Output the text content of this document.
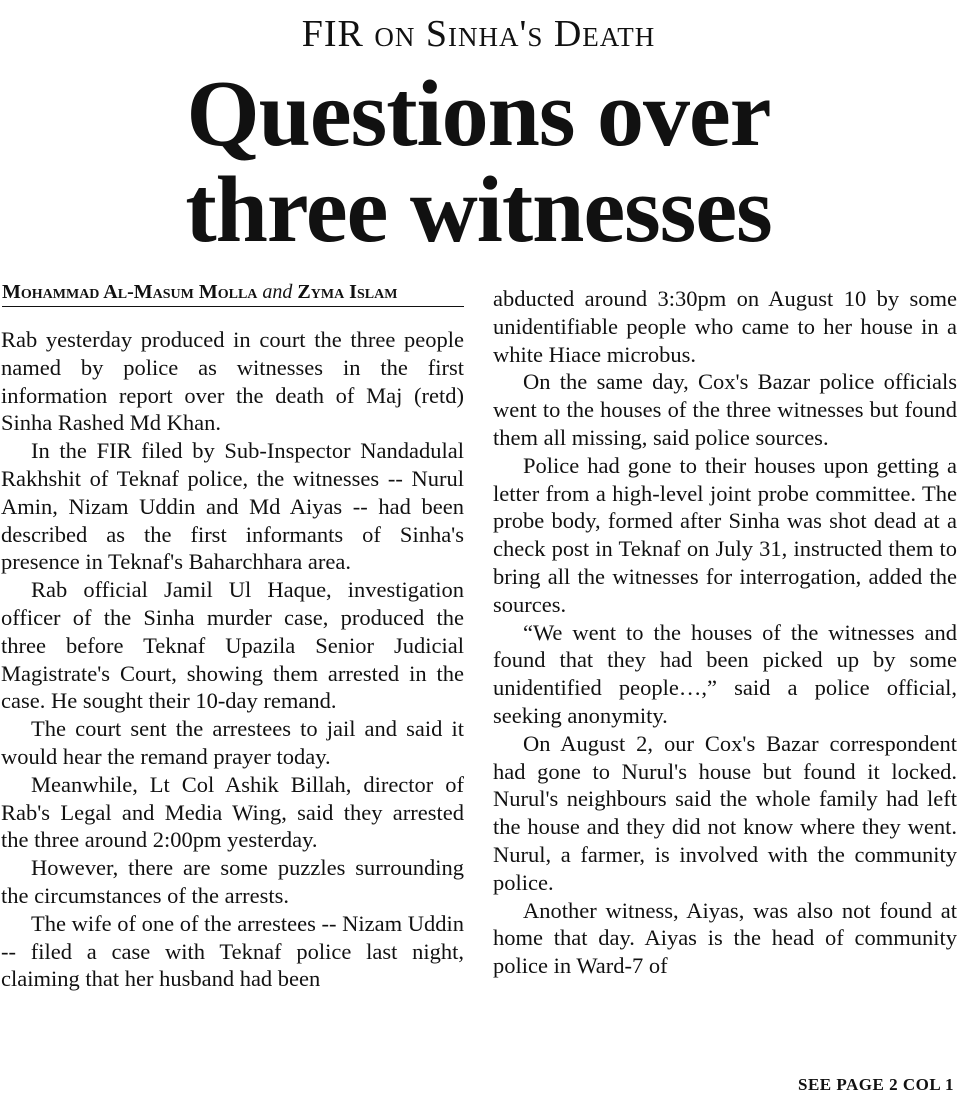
FIR on Sinha's Death
Questions over
three witnesses
Mohammad Al-Masum Molla and Zyma Islam

Rab yesterday produced in court the three people named by police as witnesses in the first information report over the death of Maj (retd) Sinha Rashed Md Khan.

In the FIR filed by Sub-Inspector Nandadulal Rakhshit of Teknaf police, the witnesses -- Nurul Amin, Nizam Uddin and Md Aiyas -- had been described as the first informants of Sinha's presence in Teknaf's Baharchhara area.

Rab official Jamil Ul Haque, investigation officer of the Sinha murder case, produced the three before Teknaf Upazila Senior Judicial Magistrate's Court, showing them arrested in the case. He sought their 10-day remand.

The court sent the arrestees to jail and said it would hear the remand prayer today.

Meanwhile, Lt Col Ashik Billah, director of Rab's Legal and Media Wing, said they arrested the three around 2:00pm yesterday.

However, there are some puzzles surrounding the circumstances of the arrests.

The wife of one of the arrestees -- Nizam Uddin -- filed a case with Teknaf police last night, claiming that her husband had been

abducted around 3:30pm on August 10 by some unidentifiable people who came to her house in a white Hiace microbus.

On the same day, Cox's Bazar police officials went to the houses of the three witnesses but found them all missing, said police sources.

Police had gone to their houses upon getting a letter from a high-level joint probe committee. The probe body, formed after Sinha was shot dead at a check post in Teknaf on July 31, instructed them to bring all the witnesses for interrogation, added the sources.

“We went to the houses of the witnesses and found that they had been picked up by some unidentified people…,” said a police official, seeking anonymity.

On August 2, our Cox's Bazar correspondent had gone to Nurul's house but found it locked. Nurul's neighbours said the whole family had left the house and they did not know where they went. Nurul, a farmer, is involved with the community police.

Another witness, Aiyas, was also not found at home that day. Aiyas is the head of community police in Ward-7 of

SEE PAGE 2 COL 1
